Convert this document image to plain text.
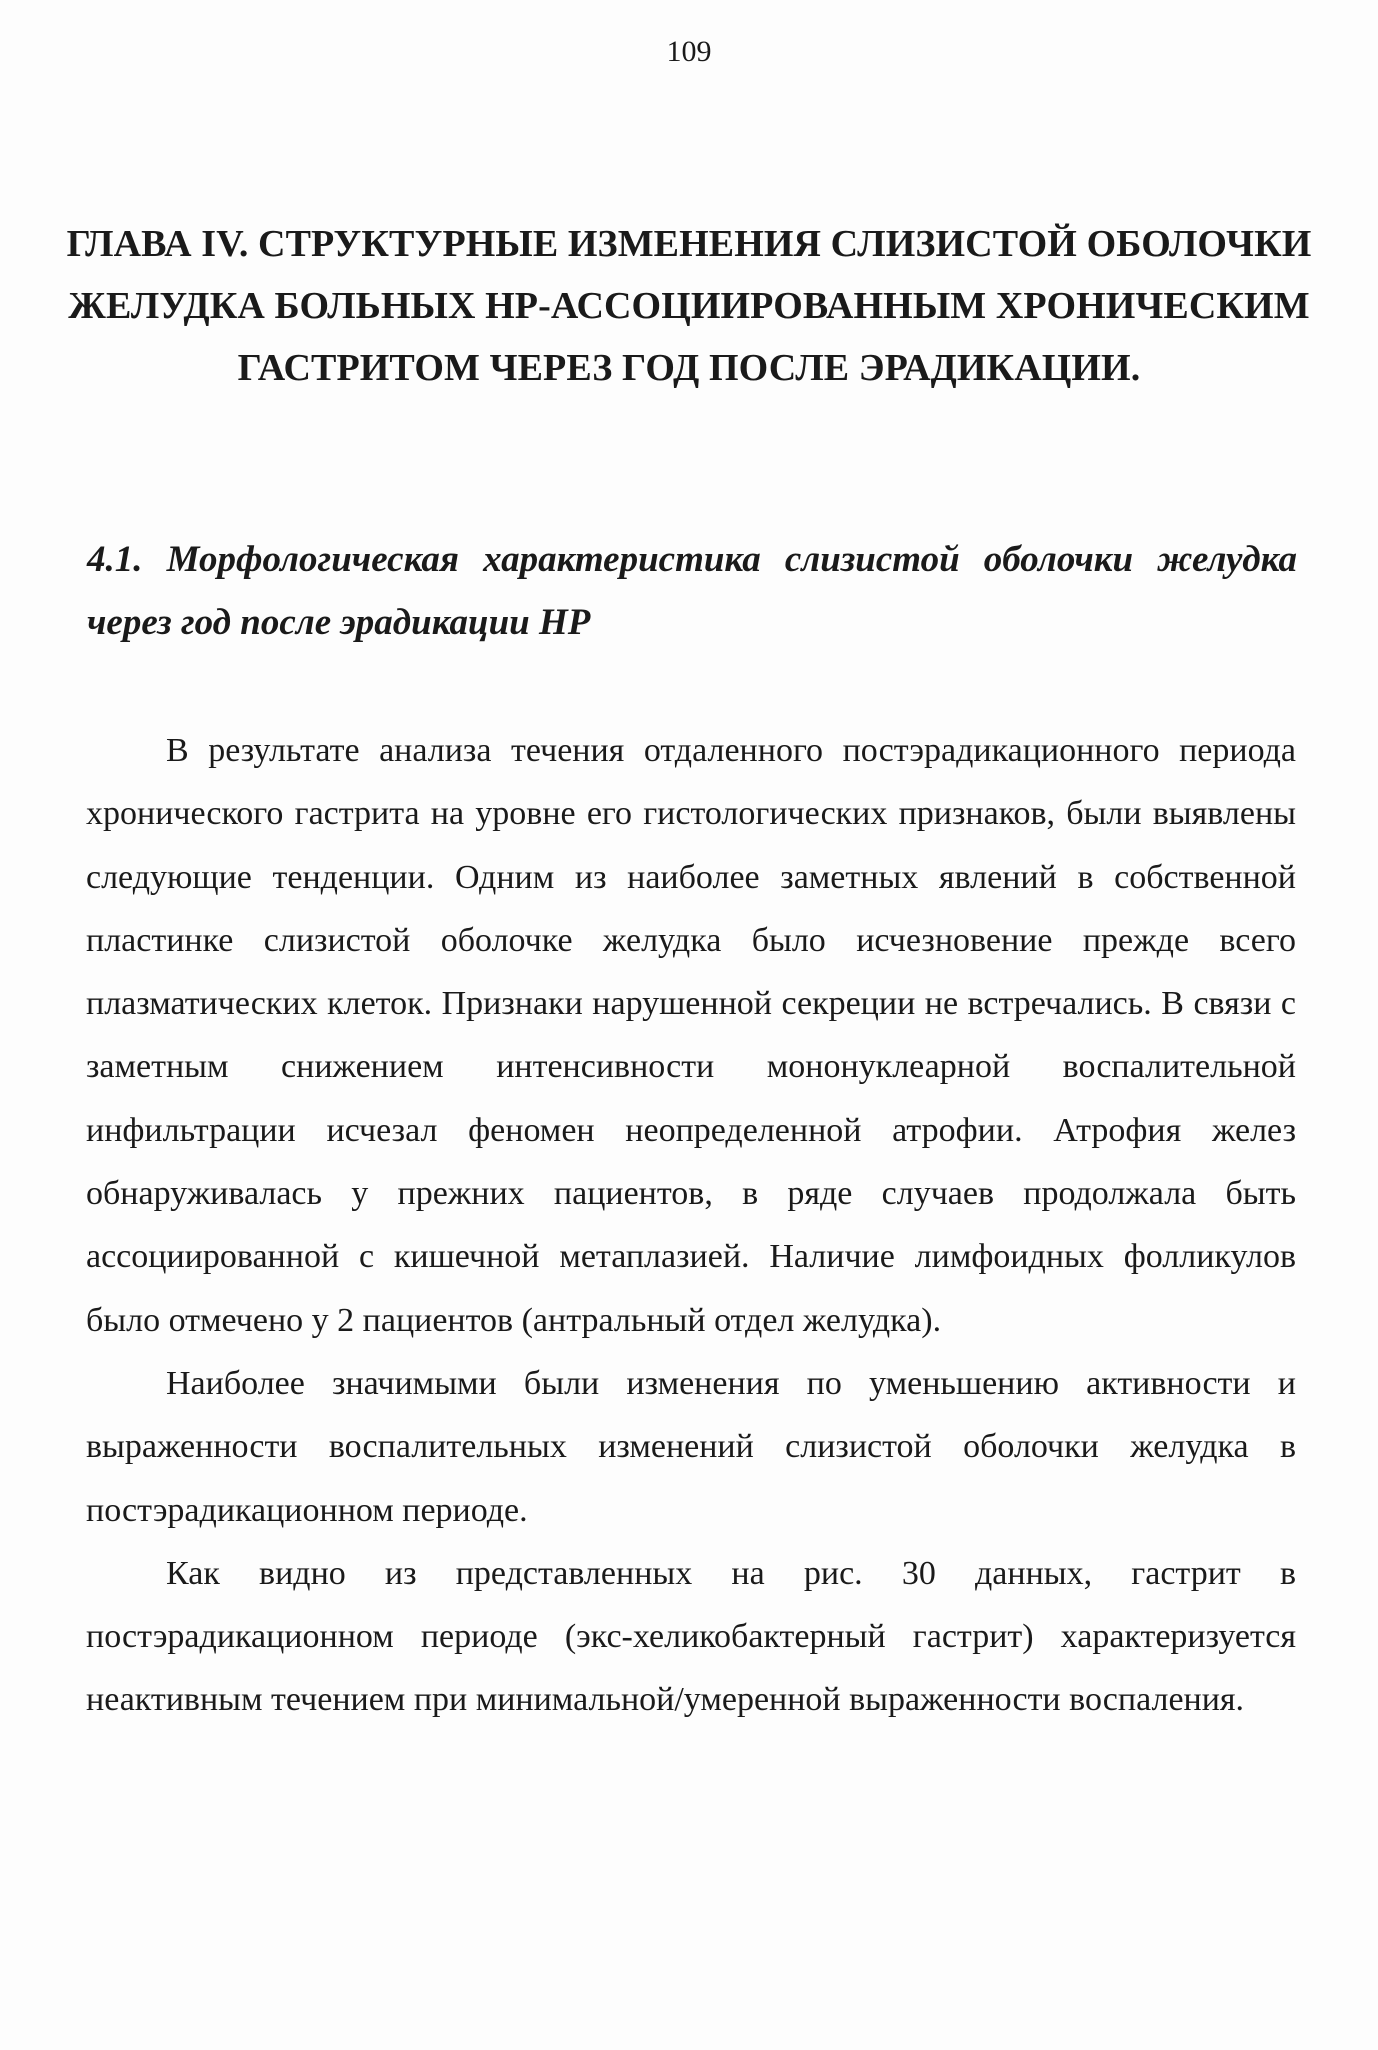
109
ГЛАВА IV. СТРУКТУРНЫЕ ИЗМЕНЕНИЯ СЛИЗИСТОЙ ОБОЛОЧКИ
ЖЕЛУДКА БОЛЬНЫХ НР-АССОЦИИРОВАННЫМ ХРОНИЧЕСКИМ
ГАСТРИТОМ ЧЕРЕЗ ГОД ПОСЛЕ ЭРАДИКАЦИИ.
4.1. Морфологическая характеристика слизистой оболочки желудка через год после эрадикации НР

В результате анализа течения отдаленного постэрадикационного периода хронического гастрита на уровне его гистологических признаков, были выявлены следующие тенденции. Одним из наиболее заметных явлений в собственной пластинке слизистой оболочке желудка было исчезновение прежде всего плазматических клеток. Признаки нарушенной секреции не встречались. В связи с заметным снижением интенсивности мононуклеарной воспалительной инфильтрации исчезал феномен неопределенной атрофии. Атрофия желез обнаруживалась у прежних пациентов, в ряде случаев продолжала быть ассоциированной с кишечной метаплазией. Наличие лимфоидных фолликулов было отмечено у 2 пациентов (антральный отдел желудка).

Наиболее значимыми были изменения по уменьшению активности и выраженности воспалительных изменений слизистой оболочки желудка в постэрадикационном периоде.

Как видно из представленных на рис. 30 данных, гастрит в постэрадикационном периоде (экс-хеликобактерный гастрит) характеризуется неактивным течением при минимальной/умеренной выраженности воспаления.
